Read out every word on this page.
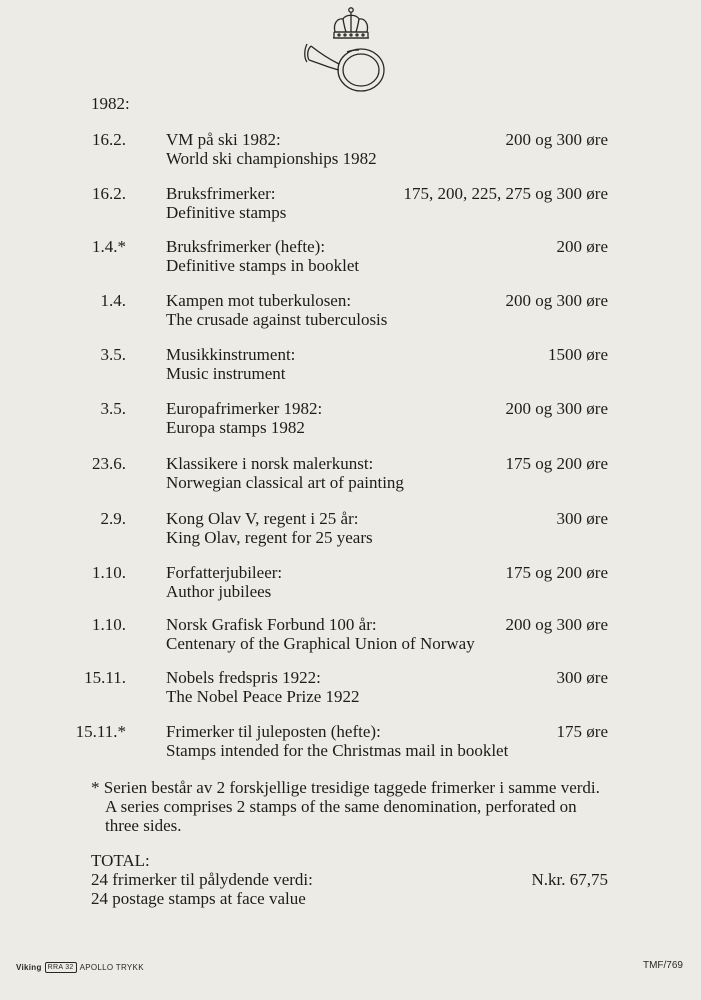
1982:
16.2. VM på ski 1982:
World ski championships 1982
200 og 300 øre
16.2. Bruksfrimerker:
Definitive stamps
175, 200, 225, 275 og 300 øre
1.4.* Bruksfrimerker (hefte):
Definitive stamps in booklet
200 øre
1.4. Kampen mot tuberkulosen:
The crusade against tuberculosis
200 og 300 øre
3.5. Musikkinstrument:
Music instrument
1500 øre
3.5. Europafrimerker 1982:
Europa stamps 1982
200 og 300 øre
23.6. Klassikere i norsk malerkunst:
Norwegian classical art of painting
175 og 200 øre
2.9. Kong Olav V, regent i 25 år:
King Olav, regent for 25 years
300 øre
1.10. Forfatterjubileer:
Author jubilees
175 og 200 øre
1.10. Norsk Grafisk Forbund 100 år:
Centenary of the Graphical Union of Norway
200 og 300 øre
15.11. Nobels fredspris 1922:
The Nobel Peace Prize 1922
300 øre
15.11.* Frimerker til juleposten (hefte):
Stamps intended for the Christmas mail in booklet
175 øre
* Serien består av 2 forskjellige tresidige taggede frimerker i samme verdi.
A series comprises 2 stamps of the same denomination, perforated on
three sides.
TOTAL:
24 frimerker til pålydende verdi:
24 postage stamps at face value
N.kr. 67,75
Viking RRA 32 APOLLO TRYKK	TMF/769
